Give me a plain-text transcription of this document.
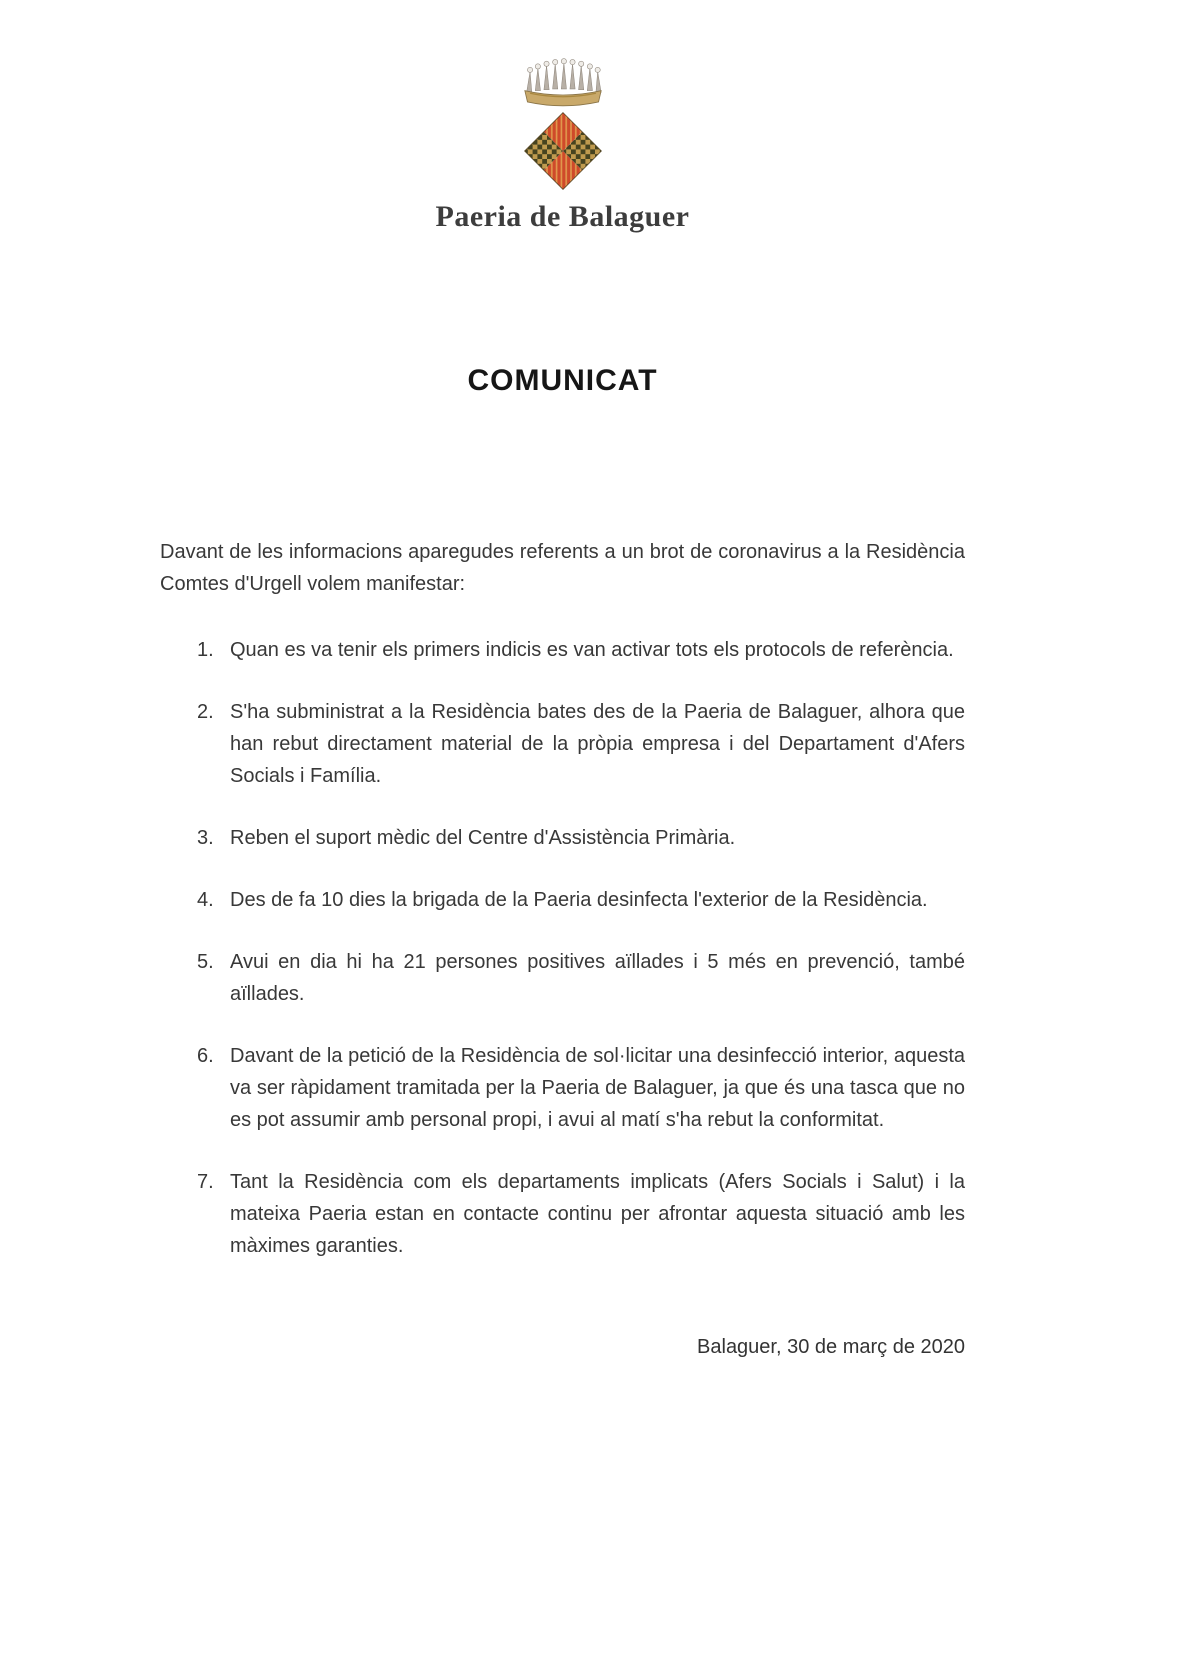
Paeria de Balaguer
COMUNICAT

Davant de les informacions aparegudes referents a un brot de coronavirus a la Residència Comtes d'Urgell volem manifestar:

1. Quan es va tenir els primers indicis es van activar tots els protocols de referència.
2. S'ha subministrat a la Residència bates des de la Paeria de Balaguer, alhora que han rebut directament material de la pròpia empresa i del Departament d'Afers Socials i Família.
3. Reben el suport mèdic del Centre d'Assistència Primària.
4. Des de fa 10 dies la brigada de la Paeria desinfecta l'exterior de la Residència.
5. Avui en dia hi ha 21 persones positives aïllades i 5 més en prevenció, també aïllades.
6. Davant de la petició de la Residència de sol·licitar una desinfecció interior, aquesta va ser ràpidament tramitada per la Paeria de Balaguer, ja que és una tasca que no es pot assumir amb personal propi, i avui al matí s'ha rebut la conformitat.
7. Tant la Residència com els departaments implicats (Afers Socials i Salut) i la mateixa Paeria estan en contacte continu per afrontar aquesta situació amb les màximes garanties.
Balaguer, 30 de març de 2020
